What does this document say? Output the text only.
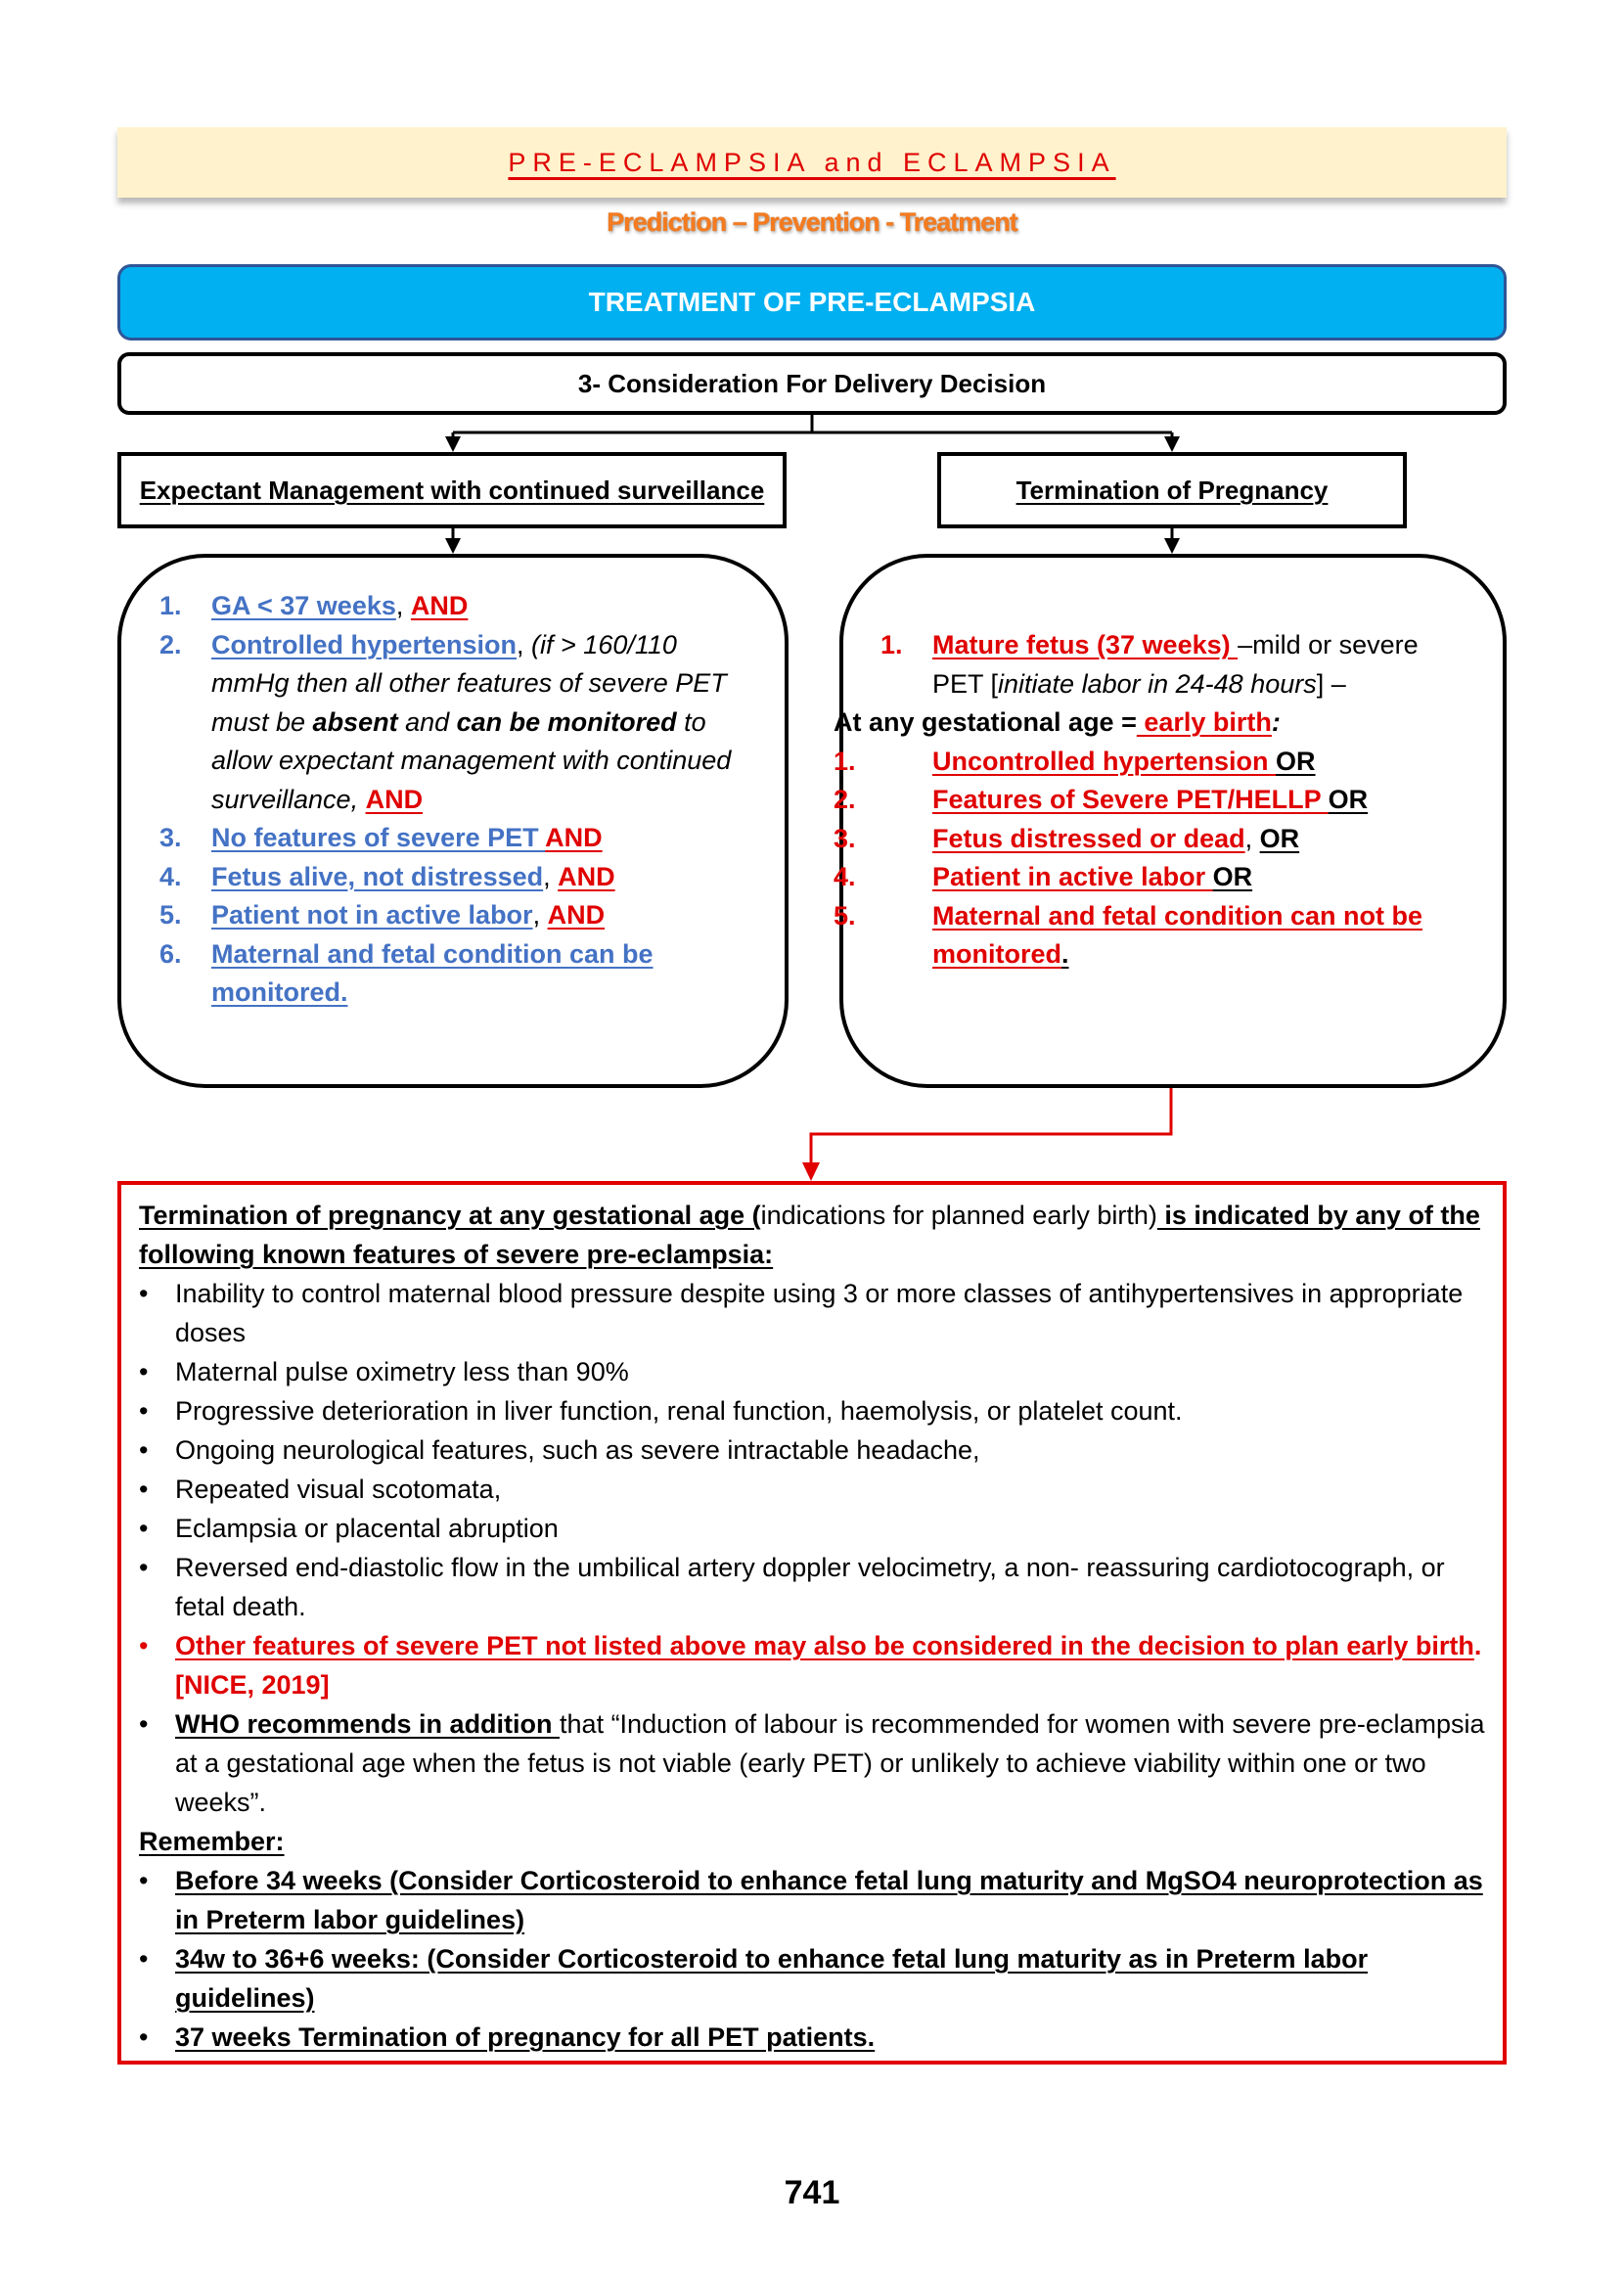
PRE-ECLAMPSIA and ECLAMPSIA
Prediction – Prevention - Treatment
TREATMENT OF PRE-ECLAMPSIA
3- Consideration For Delivery Decision
Expectant Management with continued surveillance	Termination of Pregnancy
1. GA < 37 weeks, AND
2. Controlled hypertension, (if > 160/110 mmHg then all other features of severe PET must be absent and can be monitored to allow expectant management with continued surveillance, AND
3. No features of severe PET AND
4. Fetus alive, not distressed, AND
5. Patient not in active labor, AND
6. Maternal and fetal condition can be monitored.
1. Mature fetus (37 weeks) –mild or severe PET [initiate labor in 24-48 hours] –
At any gestational age = early birth:
1.	Uncontrolled hypertension OR
2.	Features of Severe PET/HELLP OR
3.	Fetus distressed or dead, OR
4.	Patient in active labor OR
5.	Maternal and fetal condition can not be monitored.
Termination of pregnancy at any gestational age (indications for planned early birth) is indicated by any of the following known features of severe pre-eclampsia:
• Inability to control maternal blood pressure despite using 3 or more classes of antihypertensives in appropriate doses
• Maternal pulse oximetry less than 90%
• Progressive deterioration in liver function, renal function, haemolysis, or platelet count.
• Ongoing neurological features, such as severe intractable headache,
• Repeated visual scotomata,
• Eclampsia or placental abruption
• Reversed end-diastolic flow in the umbilical artery doppler velocimetry, a non- reassuring cardiotocograph, or fetal death.
• Other features of severe PET not listed above may also be considered in the decision to plan early birth. [NICE, 2019]
• WHO recommends in addition that “Induction of labour is recommended for women with severe pre-eclampsia at a gestational age when the fetus is not viable (early PET) or unlikely to achieve viability within one or two weeks”.
Remember:
• Before 34 weeks (Consider Corticosteroid to enhance fetal lung maturity and MgSO4 neuroprotection as in Preterm labor guidelines)
• 34w to 36+6 weeks: (Consider Corticosteroid to enhance fetal lung maturity as in Preterm labor guidelines)
• 37 weeks Termination of pregnancy for all PET patients.
741
